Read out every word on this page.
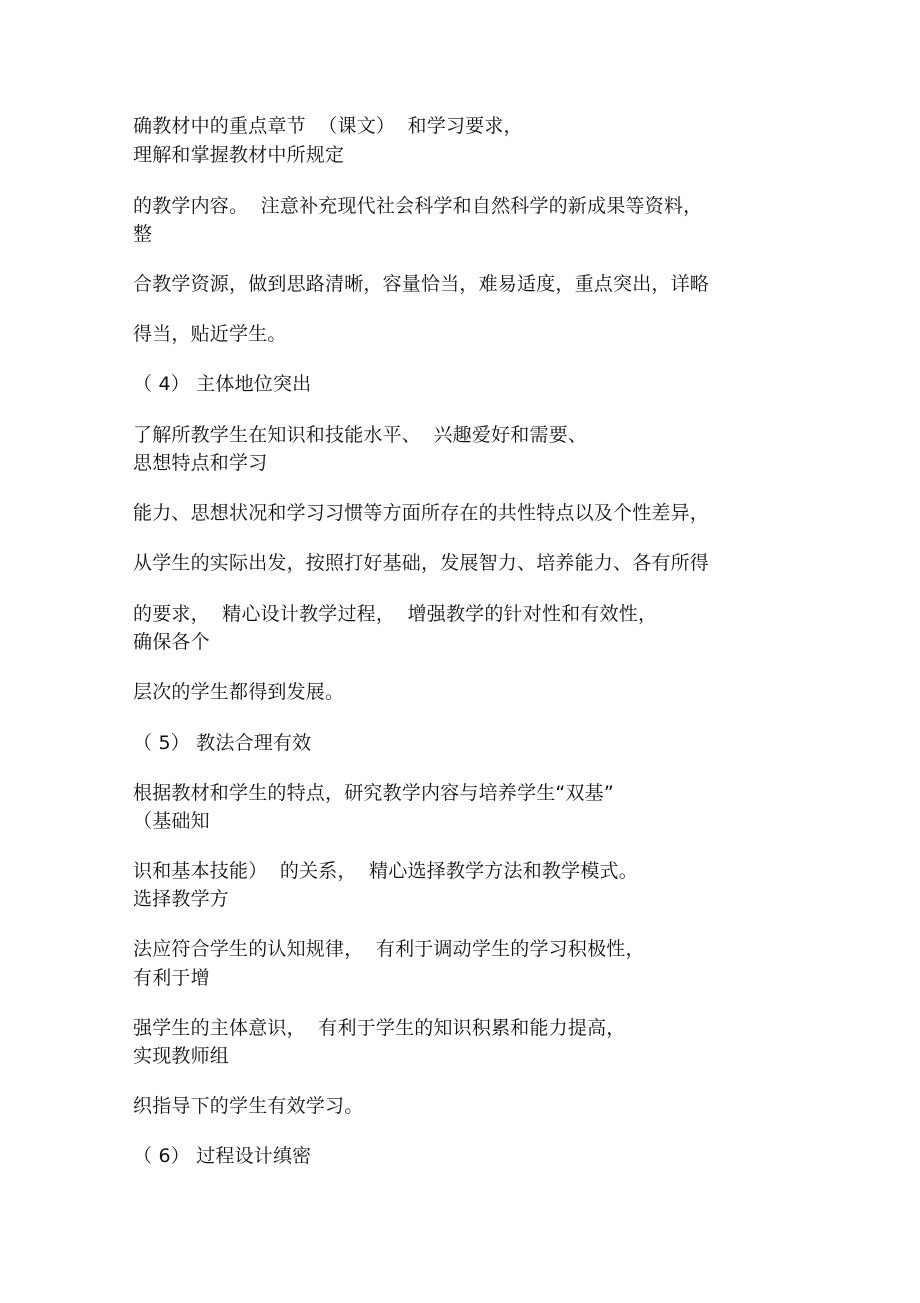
确教材中的重点章节  （课文）  和学习要求，
理解和掌握教材中所规定
的教学内容。  注意补充现代社会科学和自然科学的新成果等资料，
整
合教学资源，做到思路清晰，容量恰当，难易适度，重点突出，详略
得当，贴近学生。
（ 4） 主体地位突出
了解所教学生在知识和技能水平、  兴趣爱好和需要、
思想特点和学习
能力、思想状况和学习习惯等方面所存在的共性特点以及个性差异，
从学生的实际出发，按照打好基础，发展智力、培养能力、各有所得
的要求，  精心设计教学过程，  增强教学的针对性和有效性，
确保各个
层次的学生都得到发展。
（ 5） 教法合理有效
根据教材和学生的特点，研究教学内容与培养学生“双基”
（基础知
识和基本技能）  的关系，  精心选择教学方法和教学模式。
选择教学方
法应符合学生的认知规律，  有利于调动学生的学习积极性，
有利于增
强学生的主体意识，  有利于学生的知识积累和能力提高，
实现教师组
织指导下的学生有效学习。
（ 6） 过程设计缜密
